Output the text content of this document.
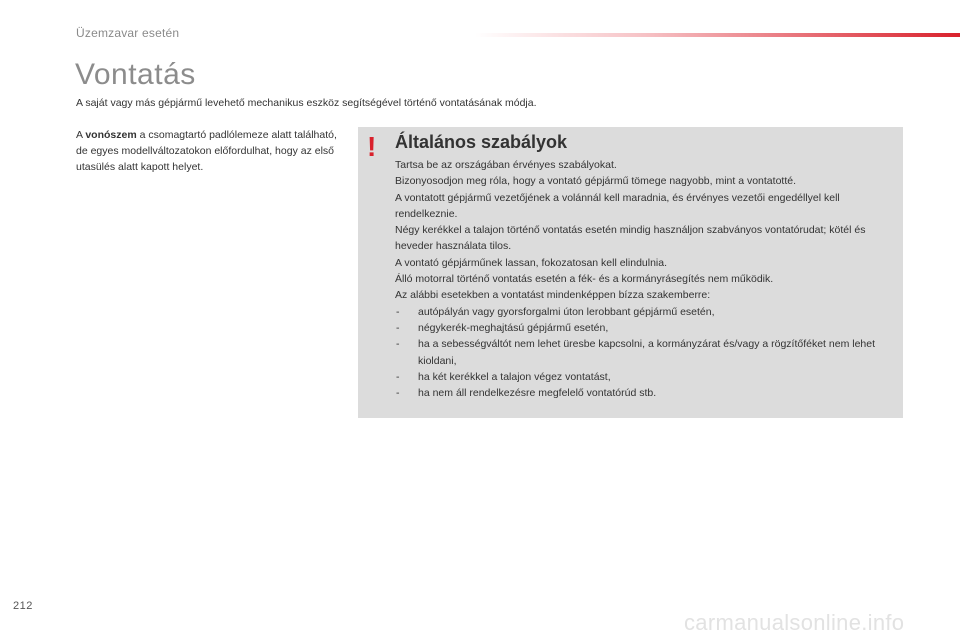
Üzemzavar esetén
Vontatás

A saját vagy más gépjármű levehető mechanikus eszköz segítségével történő vontatásának módja.

A vonószem a csomagtartó padlólemeze alatt található, de egyes modellváltozatokon előfordulhat, hogy az első utasülés alatt kapott helyet.

! Általános szabályok

Tartsa be az országában érvényes szabályokat.

Bizonyosodjon meg róla, hogy a vontató gépjármű tömege nagyobb, mint a vontatotté.

A vontatott gépjármű vezetőjének a volánnál kell maradnia, és érvényes vezetői engedéllyel kell rendelkeznie.

Négy kerékkel a talajon történő vontatás esetén mindig használjon szabványos vontatórudat; kötél és heveder használata tilos.

A vontató gépjárműnek lassan, fokozatosan kell elindulnia.

Álló motorral történő vontatás esetén a fék- és a kormányrásegítés nem működik.

Az alábbi esetekben a vontatást mindenképpen bízza szakemberre:

- autópályán vagy gyorsforgalmi úton lerobbant gépjármű esetén,
- négykerék-meghajtású gépjármű esetén,
- ha a sebességváltót nem lehet üresbe kapcsolni, a kormányzárat és/vagy a rögzítőféket nem lehet kioldani,
- ha két kerékkel a talajon végez vontatást,
- ha nem áll rendelkezésre megfelelő vontatórúd stb.
212
carmanualsonline.info
